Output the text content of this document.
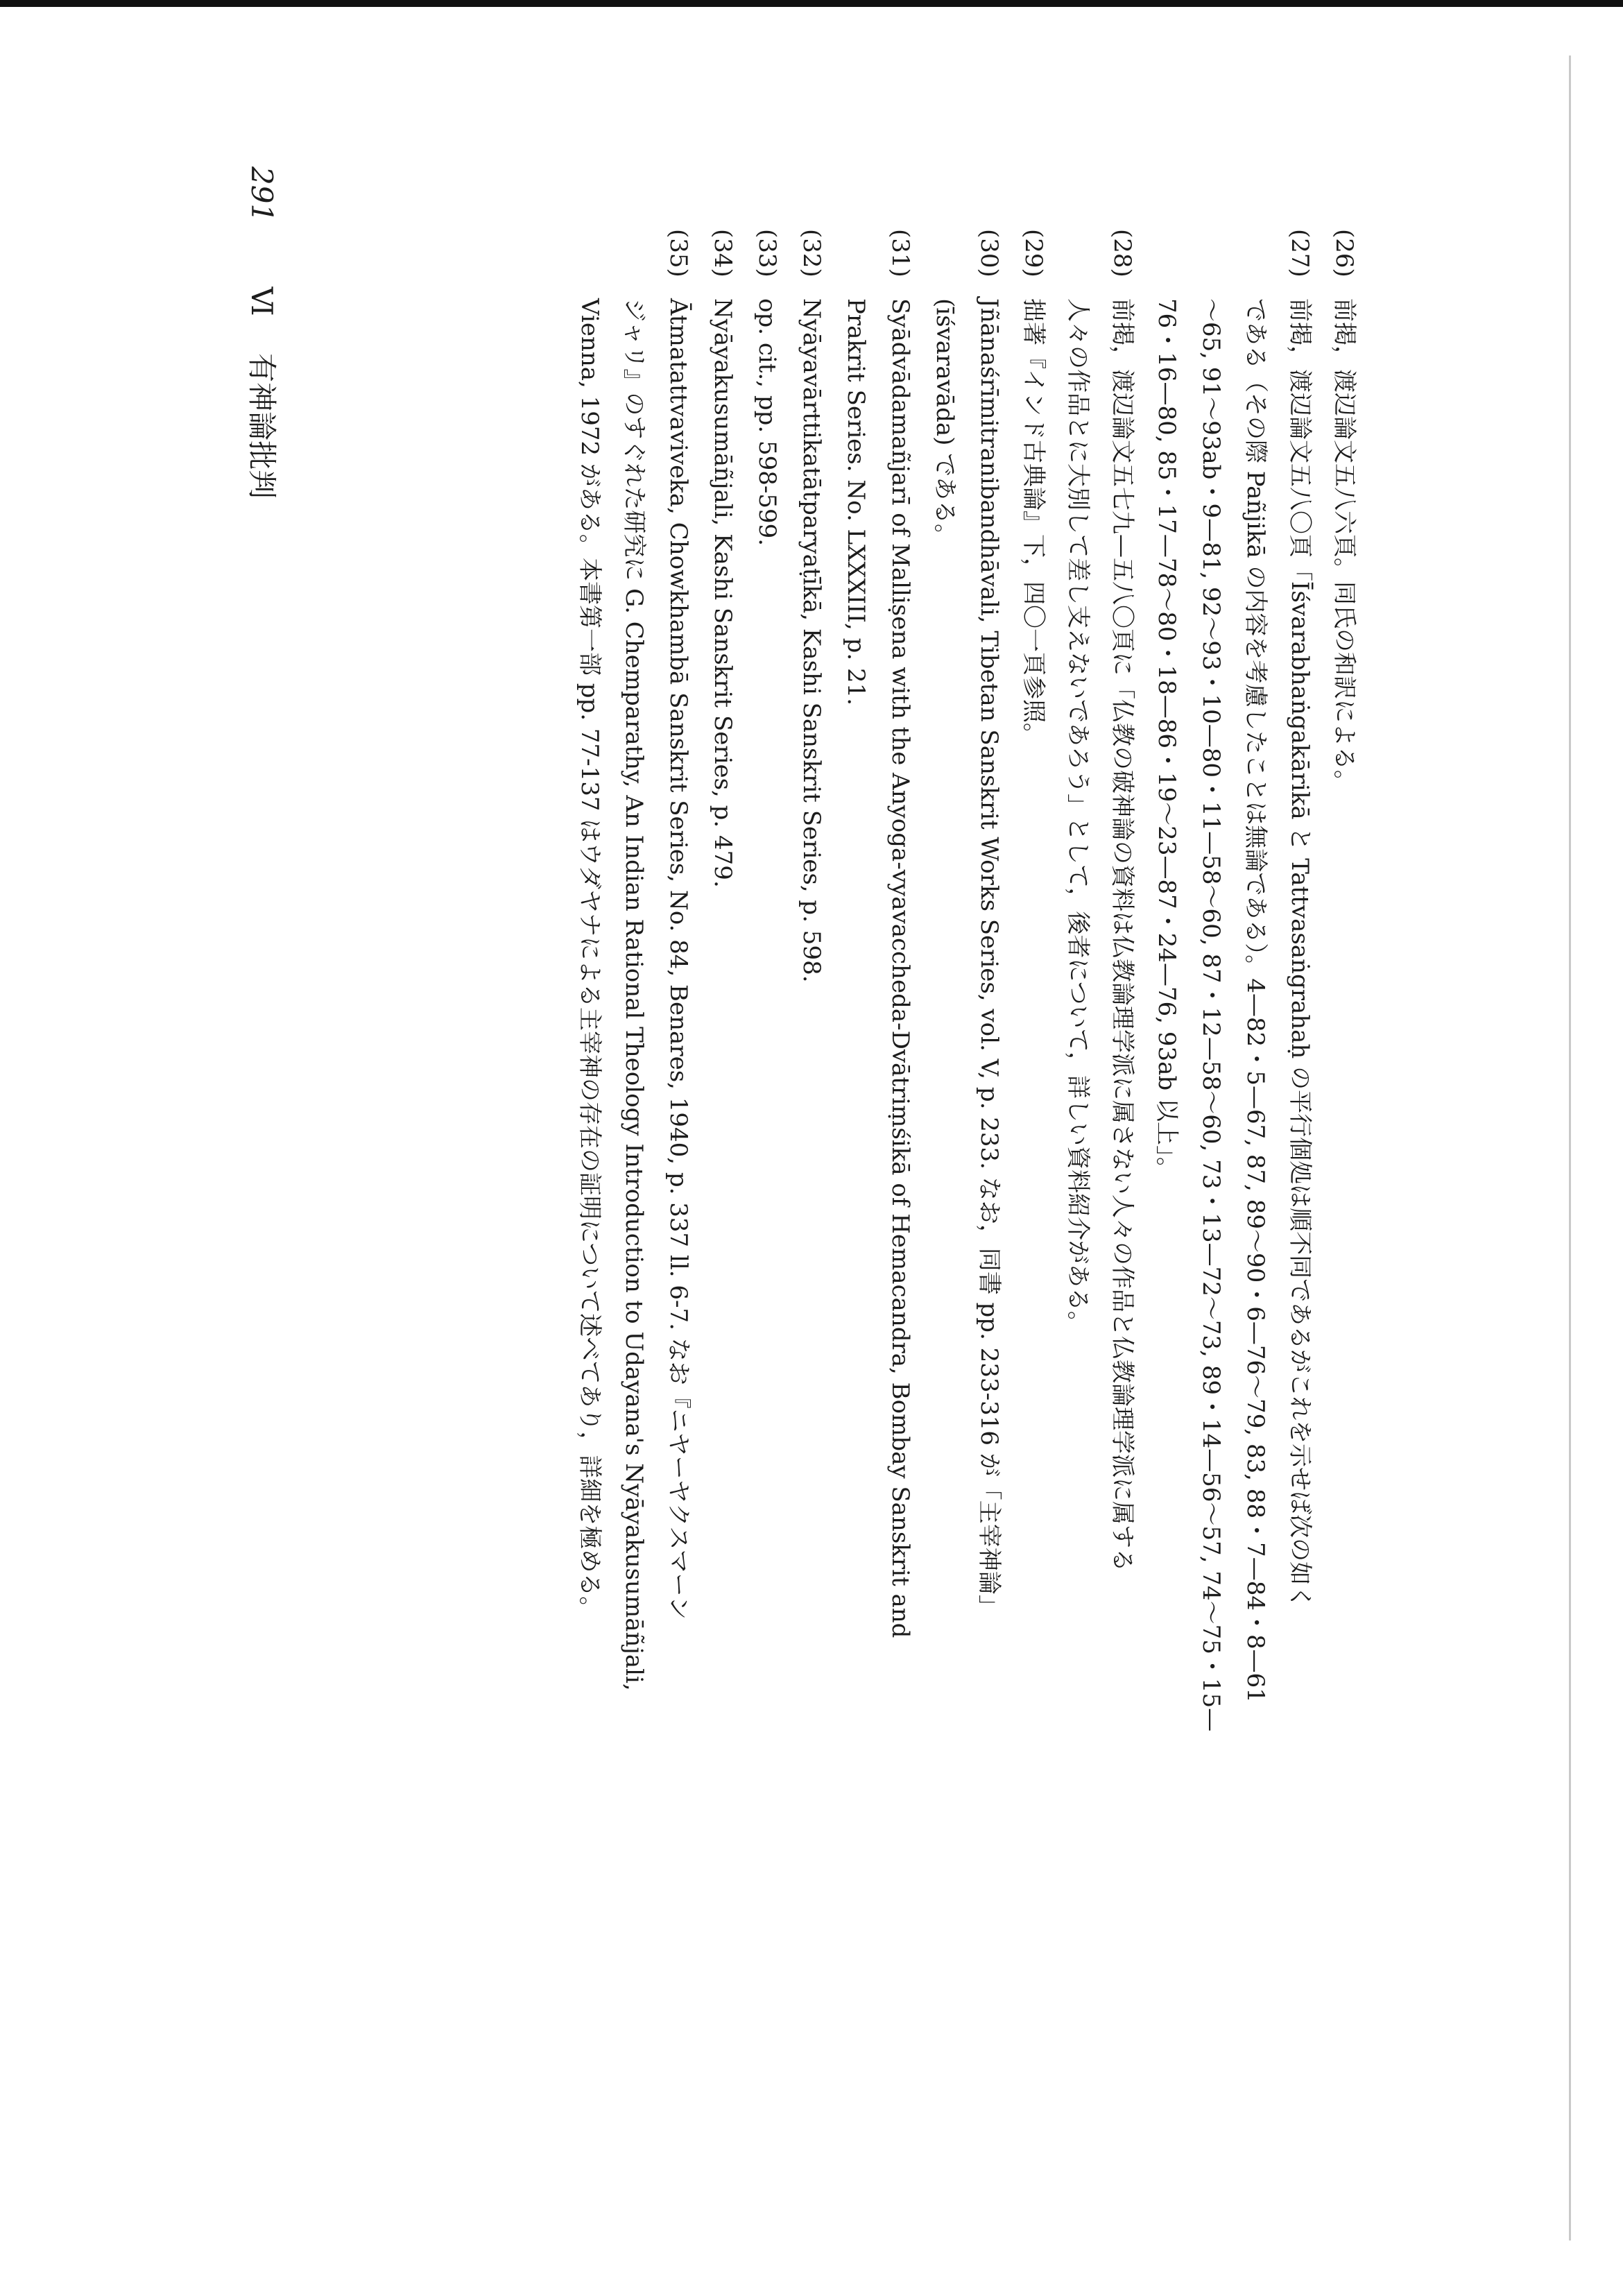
(26)前掲，渡辺論文五八六頁。同氏の和訳による。
(27)前掲，渡辺論文五八〇頁「Īśvarabhaṅgakārikā と Tattvasaṅgrahaḥ の平行個処は順不同であるがこれを示せば次の如く
である（その際 Pañjikā の内容を考慮したことは無論である）。4—82・5—67, 87, 89〜90・6—76〜79, 83, 88・7—84・8—61
〜65, 91〜93ab・9—81, 92〜93・10—80・11—58〜60, 87・12—58〜60, 73・13—72〜73, 89・14—56〜57, 74〜75・15—
76・16—80, 85・17—78〜80・18—86・19〜23—87・24—76, 93ab 以上」。
(28)前掲，渡辺論文五七九—五八〇頁に「仏教の破神論の資料は仏教論理学派に属さない人々の作品と仏教論理学派に属する
人々の作品とに大別して差し支えないであろう」として，後者について，詳しい資料紹介がある。
(29)拙著『インド古典論』下，四〇一頁参照。
(30)Jñānaśrīmitranibandhāvali, Tibetan Sanskrit Works Series, vol. V, p. 233. なお，同書 pp. 233-316 が「主宰神論」
(īśvaravāda) である。
(31)Syādvādamañjarī of Malliṣena with the Anyoga-vyavaccheda-Dvātriṃśikā of Hemacandra, Bombay Sanskrit and
Prakrit Series. No. LXXXIII, p. 21.
(32)Nyāyavārttikatātparyaṭīkā, Kashi Sanskrit Series, p. 598.
(33)op. cit., pp. 598-599.
(34)Nyāyakusumāñjali, Kashi Sanskrit Series, p. 479.
(35)Ātmatattvaviveka, Chowkhambā Sanskrit Series, No. 84, Benares, 1940, p. 337 ll. 6-7. なお『ニヤーヤクスマーン
ジャリ』のすぐれた研究に G. Chemparathy, An Indian Rational Theology Introduction to Udayana's Nyāyakusumāñjali,
Vienna, 1972 がある。本書第一部 pp. 77-137 はウダヤナによる主宰神の存在の証明について述べてあり，詳細を極める。
291 Ⅵ 有神論批判
